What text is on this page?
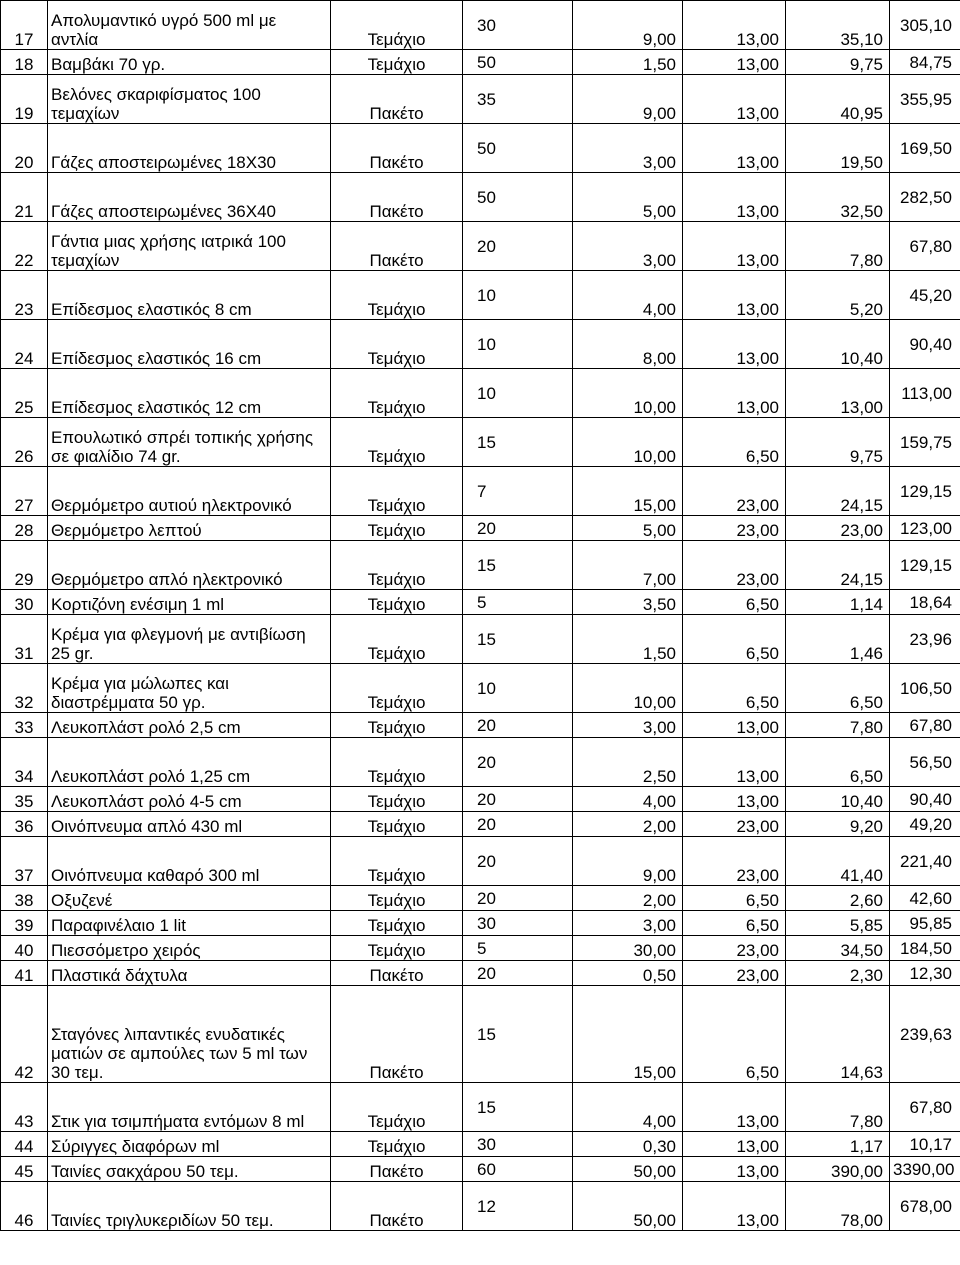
17	Απολυμαντικό υγρό 500 ml με αντλία	Τεμάχιο	30	9,00	13,00	35,10	305,10
18	Βαμβάκι 70 γρ.	Τεμάχιο	50	1,50	13,00	9,75	84,75
19	Βελόνες σκαριφίσματος 100 τεμαχίων	Πακέτο	35	9,00	13,00	40,95	355,95
20	Γάζες αποστειρωμένες 18Χ30	Πακέτο	50	3,00	13,00	19,50	169,50
21	Γάζες αποστειρωμένες 36Χ40	Πακέτο	50	5,00	13,00	32,50	282,50
22	Γάντια μιας χρήσης ιατρικά 100 τεμαχίων	Πακέτο	20	3,00	13,00	7,80	67,80
23	Επίδεσμος ελαστικός 8 cm	Τεμάχιο	10	4,00	13,00	5,20	45,20
24	Επίδεσμος ελαστικός 16 cm	Τεμάχιο	10	8,00	13,00	10,40	90,40
25	Επίδεσμος ελαστικός 12 cm	Τεμάχιο	10	10,00	13,00	13,00	113,00
26	Επουλωτικό σπρέι τοπικής χρήσης σε φιαλίδιο 74 gr.	Τεμάχιο	15	10,00	6,50	9,75	159,75
27	Θερμόμετρο αυτιού ηλεκτρονικό	Τεμάχιο	7	15,00	23,00	24,15	129,15
28	Θερμόμετρο λεπτού	Τεμάχιο	20	5,00	23,00	23,00	123,00
29	Θερμόμετρο απλό ηλεκτρονικό	Τεμάχιο	15	7,00	23,00	24,15	129,15
30	Κορτιζόνη ενέσιμη 1 ml	Τεμάχιο	5	3,50	6,50	1,14	18,64
31	Κρέμα για φλεγμονή με αντιβίωση 25 gr.	Τεμάχιο	15	1,50	6,50	1,46	23,96
32	Κρέμα για μώλωπες και διαστρέμματα 50 γρ.	Τεμάχιο	10	10,00	6,50	6,50	106,50
33	Λευκοπλάστ ρολό 2,5 cm	Τεμάχιο	20	3,00	13,00	7,80	67,80
34	Λευκοπλάστ ρολό 1,25 cm	Τεμάχιο	20	2,50	13,00	6,50	56,50
35	Λευκοπλάστ ρολό 4-5 cm	Τεμάχιο	20	4,00	13,00	10,40	90,40
36	Οινόπνευμα απλό 430 ml	Τεμάχιο	20	2,00	23,00	9,20	49,20
37	Οινόπνευμα καθαρό 300 ml	Τεμάχιο	20	9,00	23,00	41,40	221,40
38	Οξυζενέ	Τεμάχιο	20	2,00	6,50	2,60	42,60
39	Παραφινέλαιο 1 lit	Τεμάχιο	30	3,00	6,50	5,85	95,85
40	Πιεσσόμετρο χειρός	Τεμάχιο	5	30,00	23,00	34,50	184,50
41	Πλαστικά δάχτυλα	Πακέτο	20	0,50	23,00	2,30	12,30
42	Σταγόνες λιπαντικές ενυδατικές ματιών σε αμπούλες των 5 ml των 30 τεμ.	Πακέτο	15	15,00	6,50	14,63	239,63
43	Στικ για τσιμπήματα εντόμων 8 ml	Τεμάχιο	15	4,00	13,00	7,80	67,80
44	Σύριγγες διαφόρων ml	Τεμάχιο	30	0,30	13,00	1,17	10,17
45	Ταινίες σακχάρου 50 τεμ.	Πακέτο	60	50,00	13,00	390,00	3390,00
46	Ταινίες τριγλυκεριδίων 50 τεμ.	Πακέτο	12	50,00	13,00	78,00	678,00
